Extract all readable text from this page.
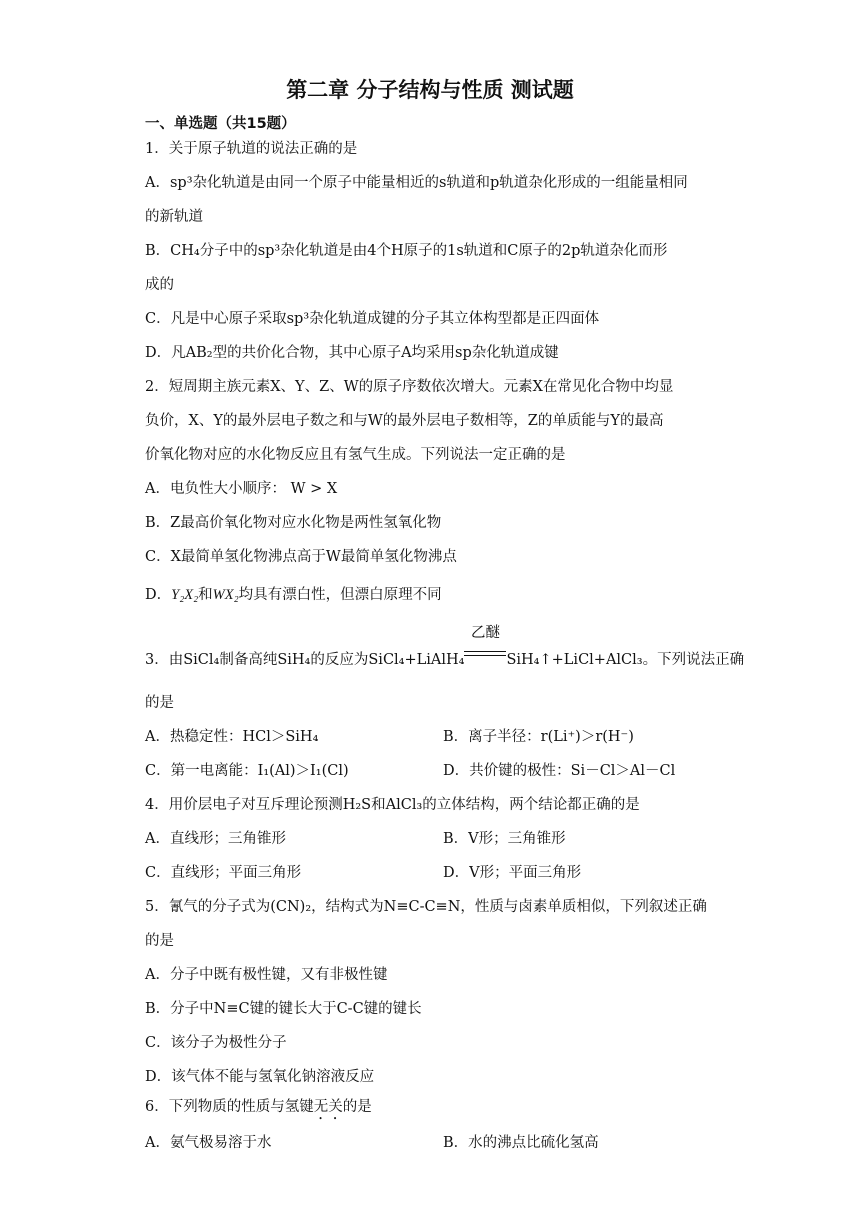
第二章 分子结构与性质 测试题
一、单选题（共15题）
1．关于原子轨道的说法正确的是
A．sp³杂化轨道是由同一个原子中能量相近的s轨道和p轨道杂化形成的一组能量相同
的新轨道
B．CH₄分子中的sp³杂化轨道是由4个H原子的1s轨道和C原子的2p轨道杂化而形
成的
C．凡是中心原子采取sp³杂化轨道成键的分子其立体构型都是正四面体
D．凡AB₂型的共价化合物，其中心原子A均采用sp杂化轨道成键
2．短周期主族元素X、Y、Z、W的原子序数依次增大。元素X在常见化合物中均显
负价，X、Y的最外层电子数之和与W的最外层电子数相等，Z的单质能与Y的最高
价氧化物对应的水化物反应且有氢气生成。下列说法一定正确的是
A．电负性大小顺序： W > X
B．Z最高价氧化物对应水化物是两性氢氧化物
C．X最简单氢化物沸点高于W最简单氢化物沸点
D．Y₂X₂和WX₂均具有漂白性，但漂白原理不同
3．由SiCl₄制备高纯SiH₄的反应为SiCl₄+LiAlH₄
乙醚
SiH₄↑+LiCl+AlCl₃。下列说法正确
的是
A．热稳定性：HCl＞SiH₄	B．离子半径：r(Li⁺)＞r(H⁻)
C．第一电离能：I₁(Al)＞I₁(Cl)	D．共价键的极性：Si－Cl＞Al－Cl
4．用价层电子对互斥理论预测H₂S和AlCl₃的立体结构，两个结论都正确的是
A．直线形；三角锥形	B．V形；三角锥形
C．直线形；平面三角形	D．V形；平面三角形
5．氰气的分子式为(CN)₂，结构式为N≡C-C≡N，性质与卤素单质相似，下列叙述正确
的是
A．分子中既有极性键，又有非极性键
B．分子中N≡C键的键长大于C-C键的键长
C．该分子为极性分子
D．该气体不能与氢氧化钠溶液反应
6．下列物质的性质与氢键无关的是
A．氨气极易溶于水	B．水的沸点比硫化氢高
